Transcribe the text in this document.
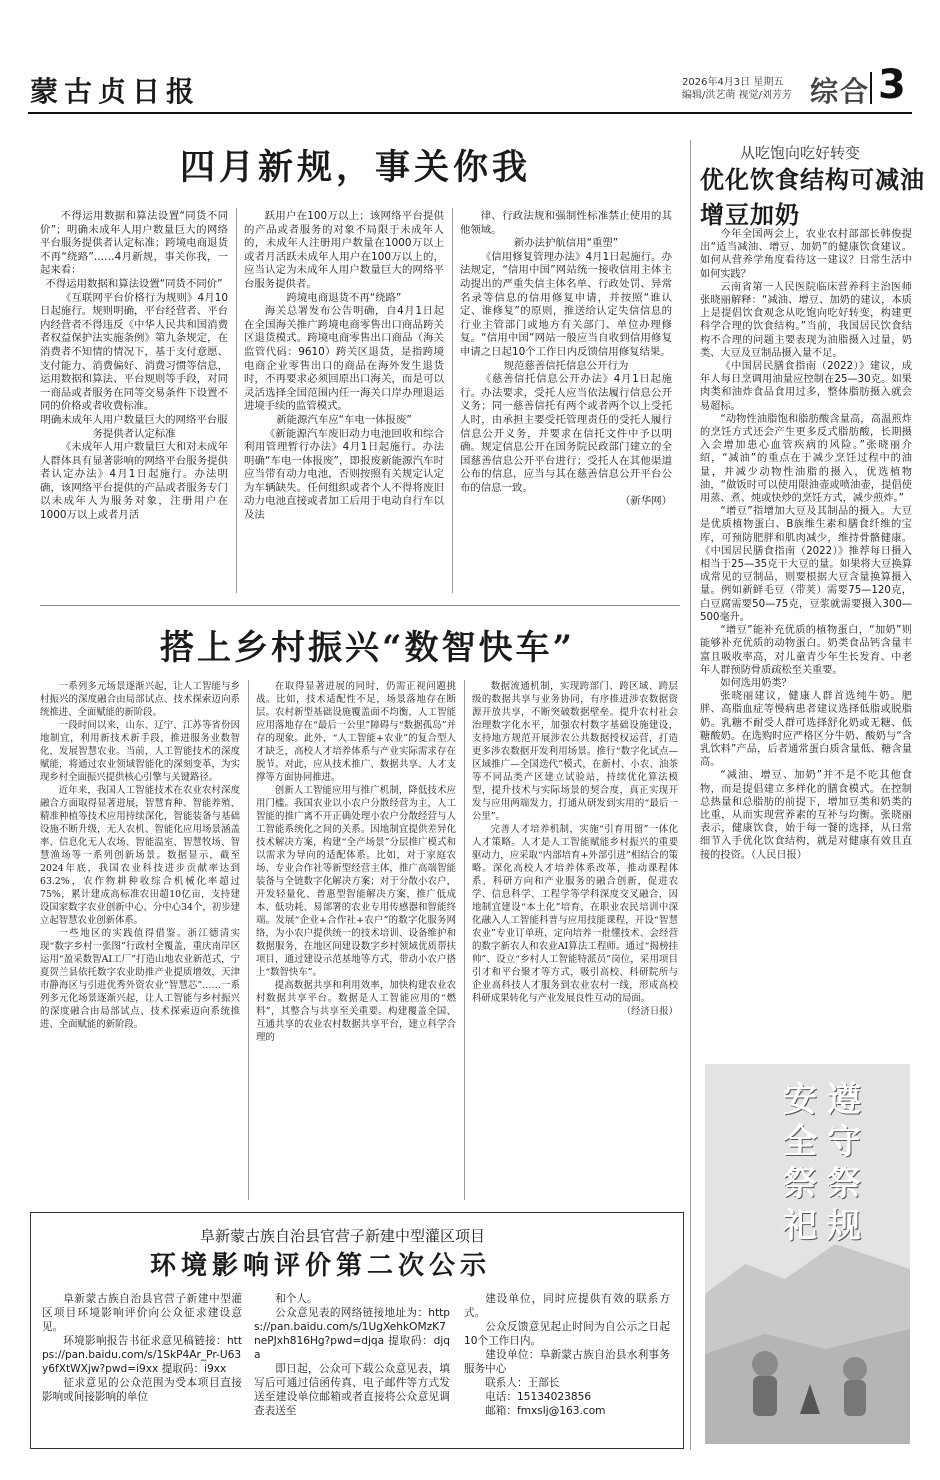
蒙古贞日报	2026年4月3日 星期五
编辑/洪艺萌 视觉/刘芳芳 综合 3
四月新规，事关你我

不得运用数据和算法设置“同货不同价”；明确未成年人用户数量巨大的网络平台服务提供者认定标准；跨境电商退货不再“绕路”……4月新规，事关你我，一起来看：

不得运用数据和算法设置“同货不同价”

《互联网平台价格行为规则》4月10日起施行。规则明确，平台经营者、平台内经营者不得违反《中华人民共和国消费者权益保护法实施条例》第九条规定，在消费者不知情的情况下，基于支付意愿、支付能力、消费偏好、消费习惯等信息，运用数据和算法、平台规则等手段，对同一商品或者服务在同等交易条件下设置不同的价格或者收费标准。

明确未成年人用户数量巨大的网络平台服务提供者认定标准

《未成年人用户数量巨大和对未成年人群体具有显著影响的网络平台服务提供者认定办法》4月1日起施行。办法明确，该网络平台提供的产品或者服务专门以未成年人为服务对象，注册用户在1000万以上或者月活

跃用户在100万以上；该网络平台提供的产品或者服务的对象不局限于未成年人的，未成年人注册用户数量在1000万以上或者月活跃未成年人用户在100万以上的，应当认定为未成年人用户数量巨大的网络平台服务提供者。

跨境电商退货不再“绕路”

海关总署发布公告明确，自4月1日起在全国海关推广跨境电商零售出口商品跨关区退货模式。跨境电商零售出口商品（海关监管代码：9610）跨关区退货，是指跨境电商企业零售出口的商品在海外发生退货时，不再要求必须回原出口海关，而是可以灵活选择全国范围内任一海关口岸办理退运进境手续的监管模式。

新能源汽车应“车电一体报废”

《新能源汽车废旧动力电池回收和综合利用管理暂行办法》4月1日起施行。办法明确“车电一体报废”，即报废新能源汽车时应当带有动力电池，否则按照有关规定认定为车辆缺失。任何组织或者个人不得将废旧动力电池直接或者加工后用于电动自行车以及法

律、行政法规和强制性标准禁止使用的其他领域。

新办法护航信用“重塑”

《信用修复管理办法》4月1日起施行。办法规定，“信用中国”网站统一接收信用主体主动提出的严重失信主体名单、行政处罚、异常名录等信息的信用修复申请，并按照“谁认定、谁修复”的原则，推送给认定失信信息的行业主管部门或地方有关部门、单位办理修复。“信用中国”网站一般应当自收到信用修复申请之日起10个工作日内反馈信用修复结果。

规范慈善信托信息公开行为

《慈善信托信息公开办法》4月1日起施行。办法要求，受托人应当依法履行信息公开义务；同一慈善信托有两个或者两个以上受托人时，由承担主要受托管理责任的受托人履行信息公开义务，并要求在信托文件中予以明确。规定信息公开在国务院民政部门建立的全国慈善信息公开平台进行；受托人在其他渠道公布的信息，应当与其在慈善信息公开平台公布的信息一致。

（新华网）

从吃饱向吃好转变
优化饮食结构可减油增豆加奶

今年全国两会上，农业农村部部长韩俊提出“适当减油、增豆、加奶”的健康饮食建议。如何从营养学角度看待这一建议？日常生活中如何实践？

云南省第一人民医院临床营养科主治医师张晓丽解释：“减油、增豆、加奶的建议，本质上是提倡饮食观念从吃饱向吃好转变，构建更科学合理的饮食结构。”当前，我国居民饮食结构不合理的问题主要表现为油脂摄入过量，奶类、大豆及豆制品摄入量不足。

《中国居民膳食指南（2022）》建议，成年人每日烹调用油量应控制在25—30克。如果肉类和油炸食品食用过多，整体脂肪摄入就会易超标。

“动物性油脂饱和脂肪酸含量高，高温煎炸的烹饪方式还会产生更多反式脂肪酸，长期摄入会增加患心血管疾病的风险。”张晓丽介绍，“减油”的重点在于减少烹饪过程中的油量，并减少动物性油脂的摄入，优选植物油，“做饭时可以使用限油壶或喷油壶，提倡使用蒸、煮、炖或快炒的烹饪方式，减少煎炸。”

“增豆”指增加大豆及其制品的摄入。大豆是优质植物蛋白、B族维生素和膳食纤维的宝库，可预防肥胖和肌肉减少，维持骨骼健康。《中国居民膳食指南（2022）》推荐每日摄入相当于25—35克干大豆的量。如果将大豆换算成常见的豆制品，则要根据大豆含量换算摄入量。例如新鲜毛豆（带荚）需要75—120克，白豆腐需要50—75克，豆浆就需要摄入300—500毫升。

“增豆”能补充优质的植物蛋白，“加奶”则能够补充优质的动物蛋白。奶类食品钙含量丰富且吸收率高，对儿童青少年生长发育、中老年人群预防骨质疏松至关重要。

如何选用奶类？

张晓丽建议，健康人群首选纯牛奶。肥胖、高脂血症等慢病患者建议选择低脂或脱脂奶。乳糖不耐受人群可选择舒化奶或无糖、低糖酸奶。在选购时应严格区分牛奶、酸奶与“含乳饮料”产品，后者通常蛋白质含量低、糖含量高。

“减油、增豆、加奶”并不是不吃其他食物，而是提倡建立多样化的膳食模式。在控制总热量和总脂肪的前提下，增加豆类和奶类的比重，从而实现营养素的互补与均衡。张晓丽表示，健康饮食，始于每一餐的选择，从日常细节入手优化饮食结构，就是对健康有效且直接的投资。（人民日报）

搭上乡村振兴“数智快车”

一系列多元场景逐渐兴起，让人工智能与乡村振兴的深度融合由局部试点、技术探索迈向系统推进、全面赋能的新阶段。

一段时间以来，山东、辽宁、江苏等省份因地制宜，利用新技术新手段，推进服务业数智化，发展智慧农业。当前，人工智能技术的深度赋能，将通过农业领域智能化的深刻变革，为实现乡村全面振兴提供核心引擎与关键路径。

近年来，我国人工智能技术在农业农村深度融合方面取得显著进展，智慧育种、智能养殖、精准种植等技术应用持续深化，智能装备与基础设施不断升级，无人农机、智能化应用场景涵盖率、信息化无人农场、智能温室、智慧牧场、智慧渔场等一系列创新场景。数据显示，截至2024年底，我国农业科技进步贡献率达到63.2%，农作物耕种收综合机械化率超过75%，累计建成高标准农田超10亿亩，支持建设国家数字农业创新中心、分中心34个，初步建立起智慧农业创新体系。

一些地区的实践值得借鉴。浙江德清实现“数字乡村一张图”行政村全覆盖，重庆南岸区运用“盈采数智AI工厂”打造山地农业新范式，宁夏贺兰县依托数字农业助推产业提质增效，天津市静海区与引进优秀外资农业“智慧芯”……一系列多元化场景逐渐兴起，让人工智能与乡村振兴的深度融合由局部试点、技术探索迈向系统推进、全面赋能的新阶段。

在取得显著进展的同时，仍需正视问题挑战。比如，技术适配性不足，场景落地存在断层。农村新型基础设施覆盖面不均衡，人工智能应用落地存在“最后一公里”障碍与“数据孤岛”并存的现象。此外，“人工智能+农业”的复合型人才缺乏，高校人才培养体系与产业实际需求存在脱节。对此，应从技术推广、数据共享、人才支撑等方面协同推进。

创新人工智能应用与推广机制，降低技术应用门槛。我国农业以小农户分散经营为主，人工智能的推广离不开正确处理小农户分散经营与人工智能系统化之间的关系。因地制宜提供差异化技术解决方案，构建“全产场景”分层推广模式和以需求为导向的适配体系。比如，对于家庭农场、专业合作社等新型经营主体，推广高端智能装备与全链数字化解决方案；对于分散小农户，开发轻量化、普惠型智能解决方案，推广低成本、低功耗、易部署的农业专用传感器和智能终端。发展“企业+合作社+农户”的数字化服务网络，为小农户提供统一的技术培训、设备维护和数据服务，在地区间建设数字乡村领域优质帮扶项目，通过建设示范基地等方式，带动小农户搭上“数智快车”。

提高数据共享和利用效率，加快构建农业农村数据共享平台。数据是人工智能应用的“燃料”，其整合与共享至关重要。构建覆盖全国、互通共享的农业农村数据共享平台，建立科学合理的

数据流通机制，实现跨部门、跨区域、跨层级的数据共享与业务协同，有序推进涉农数据资源开放共享，不断突破数据壁垒。提升农村社会治理数字化水平，加强农村数字基础设施建设，支持地方规范开展涉农公共数据授权运营，打造更多涉农数据开发利用场景。推行“数字化试点—区域推广—全国迭代”模式，在新村、小农、油茶等不同品类产区建立试验站，持续优化算法模型，提升技术与实际场景的契合度，真正实现开发与应用两端发力，打通从研发到实用的“最后一公里”。

完善人才培养机制，实施“引育用留”一体化人才策略。人才是人工智能赋能乡村振兴的重要驱动力，应采取“内部培育+外部引进”相结合的策略。深化高校人才培养体系改革，推动课程体系、科研方向和产业服务的融合创新，促进农学、信息科学、工程学等学科深度交叉融合，因地制宜建设“本土化”培育，在职业农民培训中深化融入人工智能科普与应用技能课程，开设“智慧农业”专业订单班，定向培养一批懂技术、会经营的数字新农人和农业AI算法工程师。通过“揭榜挂帅”、设立“乡村人工智能特派员”岗位，采用项目引才和平台聚才等方式，吸引高校、科研院所与企业高科技人才服务到农业农村一线，形成高校科研成果转化与产业发展良性互动的局面。

（经济日报）

遵守祭规
安全祭祀
阜新蒙古族自治县官营子新建中型灌区项目
环境影响评价第二次公示

阜新蒙古族自治县官营子新建中型灌区项目环境影响评价向公众征求建设意见。

环境影响报告书征求意见稿链接：https://pan.baidu.com/s/1SkP4Ar_Pr-U63y6fXtWXjw?pwd=i9xx 提取码：i9xx

征求意见的公众范围为受本项目直接影响或间接影响的单位

和个人。

公众意见表的网络链接地址为：https://pan.baidu.com/s/1UgXehkOMzK7nePJxh816Hg?pwd=djqa 提取码：djqa

即日起，公众可下载公众意见表，填写后可通过信函传真、电子邮件等方式发送至建设单位邮箱或者直接将公众意见调查表送至

建设单位，同时应提供有效的联系方式。

公众反馈意见起止时间为自公示之日起10个工作日内。

建设单位：阜新蒙古族自治县水利事务服务中心

联系人：王部长

电话：15134023856

邮箱：fmxslj@163.com
